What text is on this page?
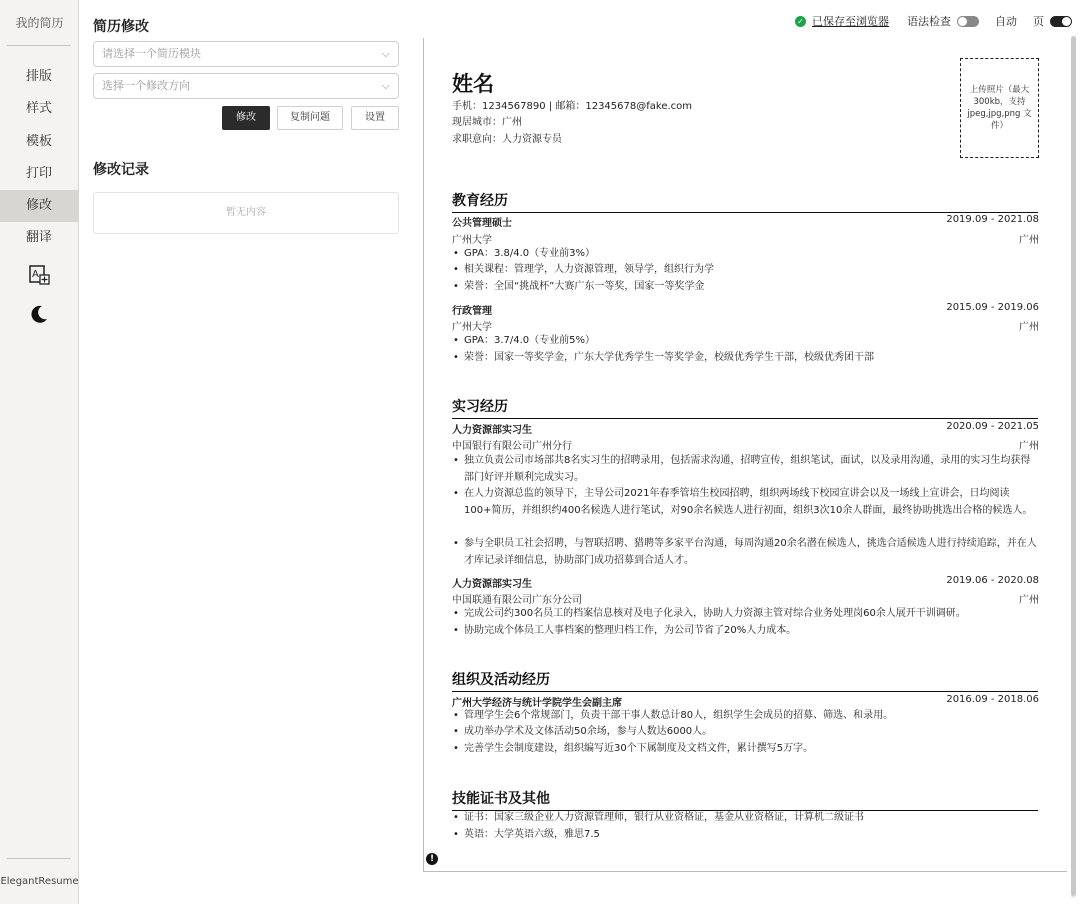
我的简历
排版
样式
模板
打印
修改
翻译
A
ElegantResume
简历修改
请选择一个简历模块	⌵
选择一个修改方向	⌵
修改	复制问题	设置
修改记录
暂无内容
✓ 已保存至浏览器 语法检查	自动 页
姓名
手机：1234567890 | 邮箱：12345678@fake.com
现居城市：广州
求职意向：人力资源专员
上传照片（最大 300kb，支持 jpeg,jpg,png 文件）
教育经历
公共管理硕士	2019.09 - 2021.08
广州大学	广州
• GPA：3.8/4.0（专业前3%）
• 相关课程：管理学，人力资源管理，领导学，组织行为学
• 荣誉：全国“挑战杯”大赛广东一等奖，国家一等奖学金
行政管理	2015.09 - 2019.06
广州大学	广州
• GPA：3.7/4.0（专业前5%）
• 荣誉：国家一等奖学金，广东大学优秀学生一等奖学金，校级优秀学生干部，校级优秀团干部
实习经历
人力资源部实习生	2020.09 - 2021.05
中国银行有限公司广州分行	广州
• 独立负责公司市场部共8名实习生的招聘录用，包括需求沟通，招聘宣传，组织笔试，面试，以及录用沟通，录用的实习生均获得部门好评并顺利完成实习。
• 在人力资源总监的领导下，主导公司2021年春季管培生校园招聘，组织两场线下校园宣讲会以及一场线上宣讲会，日均阅读100+简历，并组织约400名候选人进行笔试，对90余名候选人进行初面，组织3次10余人群面，最终协助挑选出合格的候选人。
• 参与全职员工社会招聘，与智联招聘、猎聘等多家平台沟通，每周沟通20余名潜在候选人，挑选合适候选人进行持续追踪，并在人才库记录详细信息，协助部门成功招募到合适人才。
人力资源部实习生	2019.06 - 2020.08
中国联通有限公司广东分公司	广州
• 完成公司约300名员工的档案信息核对及电子化录入，协助人力资源主管对综合业务处理岗60余人展开干训调研。
• 协助完成个体员工人事档案的整理归档工作，为公司节省了20%人力成本。
组织及活动经历
广州大学经济与统计学院学生会副主席	2016.09 - 2018.06
• 管理学生会6个常规部门，负责干部干事人数总计80人，组织学生会成员的招募、筛选、和录用。
• 成功举办学术及文体活动50余场，参与人数达6000人。
• 完善学生会制度建设，组织编写近30个下属制度及文档文件，累计撰写5万字。
技能证书及其他
• 证书：国家三级企业人力资源管理师，银行从业资格证，基金从业资格证，计算机二级证书
• 英语：大学英语六级，雅思7.5
!
